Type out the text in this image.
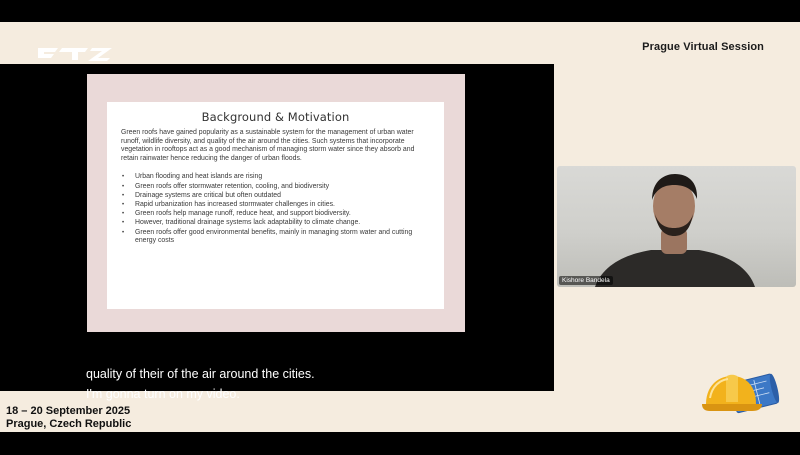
Prague Virtual Session
Background & Motivation

Green roofs have gained popularity as a sustainable system for the management of urban water runoff, wildlife diversity, and quality of the air around the cities. Such systems that incorporate vegetation in rooftops act as a good mechanism of managing storm water since they absorb and retain rainwater hence reducing the danger of urban floods.

• Urban flooding and heat islands are rising
• Green roofs offer stormwater retention, cooling, and biodiversity
• Drainage systems are critical but often outdated
• Rapid urbanization has increased stormwater challenges in cities.
• Green roofs help manage runoff, reduce heat, and support biodiversity.
• However, traditional drainage systems lack adaptability to climate change.
• Green roofs offer good environmental benefits, mainly in managing storm water and cutting energy costs
quality of their of the air around the cities.
I'm gonna turn on my video.
Kishore Bandela
18 – 20 September 2025
Prague, Czech Republic
